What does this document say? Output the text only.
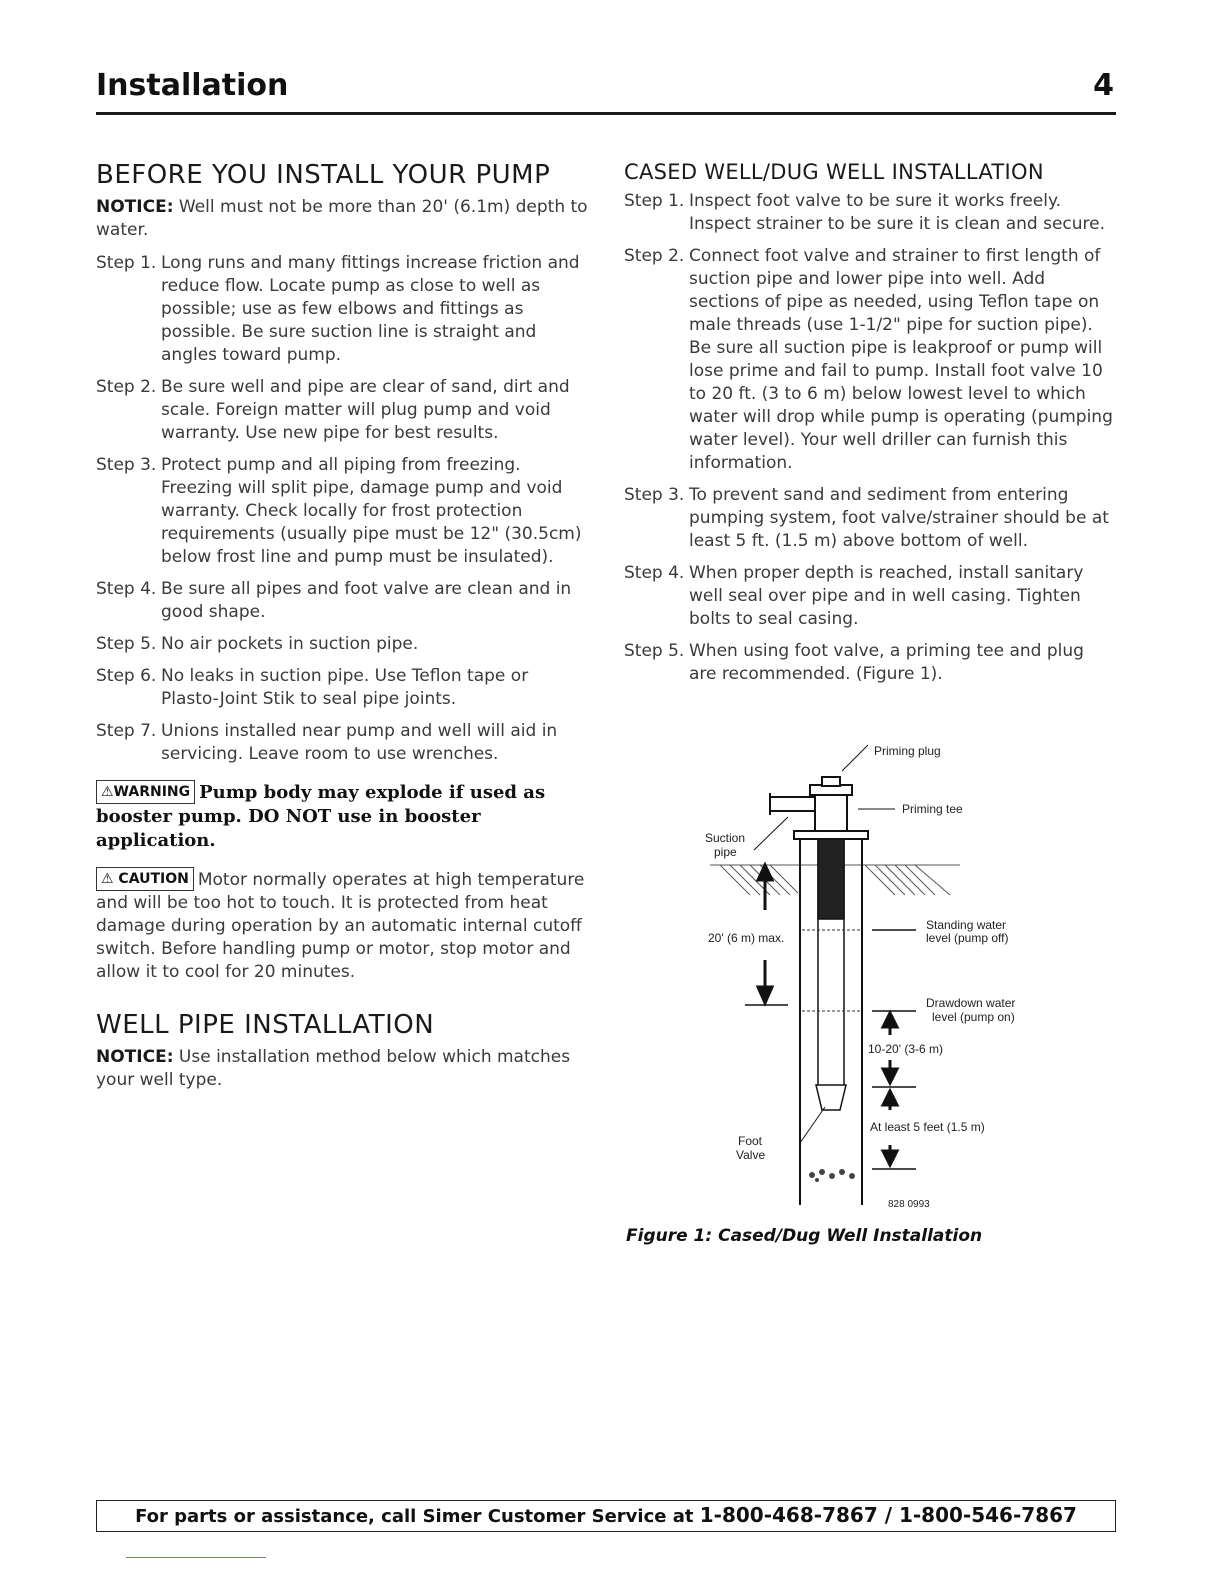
Installation	4
BEFORE YOU INSTALL YOUR PUMP

NOTICE: Well must not be more than 20' (6.1m) depth to water.

Step 1. Long runs and many fittings increase friction and reduce flow. Locate pump as close to well as possible; use as few elbows and fittings as possible. Be sure suction line is straight and angles toward pump.
Step 2. Be sure well and pipe are clear of sand, dirt and scale. Foreign matter will plug pump and void warranty. Use new pipe for best results.
Step 3. Protect pump and all piping from freezing. Freezing will split pipe, damage pump and void warranty. Check locally for frost protection requirements (usually pipe must be 12" (30.5cm) below frost line and pump must be insulated).
Step 4. Be sure all pipes and foot valve are clean and in good shape.
Step 5. No air pockets in suction pipe.
Step 6. No leaks in suction pipe. Use Teflon tape or Plasto-Joint Stik to seal pipe joints.
Step 7. Unions installed near pump and well will aid in servicing. Leave room to use wrenches.
⚠WARNING Pump body may explode if used as booster pump. DO NOT use in booster application.
⚠ CAUTION Motor normally operates at high temperature and will be too hot to touch. It is protected from heat damage during operation by an automatic internal cutoff switch. Before handling pump or motor, stop motor and allow it to cool for 20 minutes.
WELL PIPE INSTALLATION

NOTICE: Use installation method below which matches your well type.

CASED WELL/DUG WELL INSTALLATION
Step 1. Inspect foot valve to be sure it works freely. Inspect strainer to be sure it is clean and secure.
Step 2. Connect foot valve and strainer to first length of suction pipe and lower pipe into well. Add sections of pipe as needed, using Teflon tape on male threads (use 1-1/2" pipe for suction pipe). Be sure all suction pipe is leakproof or pump will lose prime and fail to pump. Install foot valve 10 to 20 ft. (3 to 6 m) below lowest level to which water will drop while pump is operating (pumping water level). Your well driller can furnish this information.
Step 3. To prevent sand and sediment from entering pumping system, foot valve/strainer should be at least 5 ft. (1.5 m) above bottom of well.
Step 4. When proper depth is reached, install sanitary well seal over pipe and in well casing. Tighten bolts to seal casing.
Step 5. When using foot valve, a priming tee and plug are recommended. (Figure 1).
Priming plug
Priming tee
Suction
pipe
20' (6 m) max.
Standing water
level (pump off)
Drawdown water
level (pump on)
10-20' (3-6 m)
At least 5 feet (1.5 m)
Foot
Valve
828 0993
Figure 1: Cased/Dug Well Installation
For parts or assistance, call Simer Customer Service at 1-800-468-7867 / 1-800-546-7867
